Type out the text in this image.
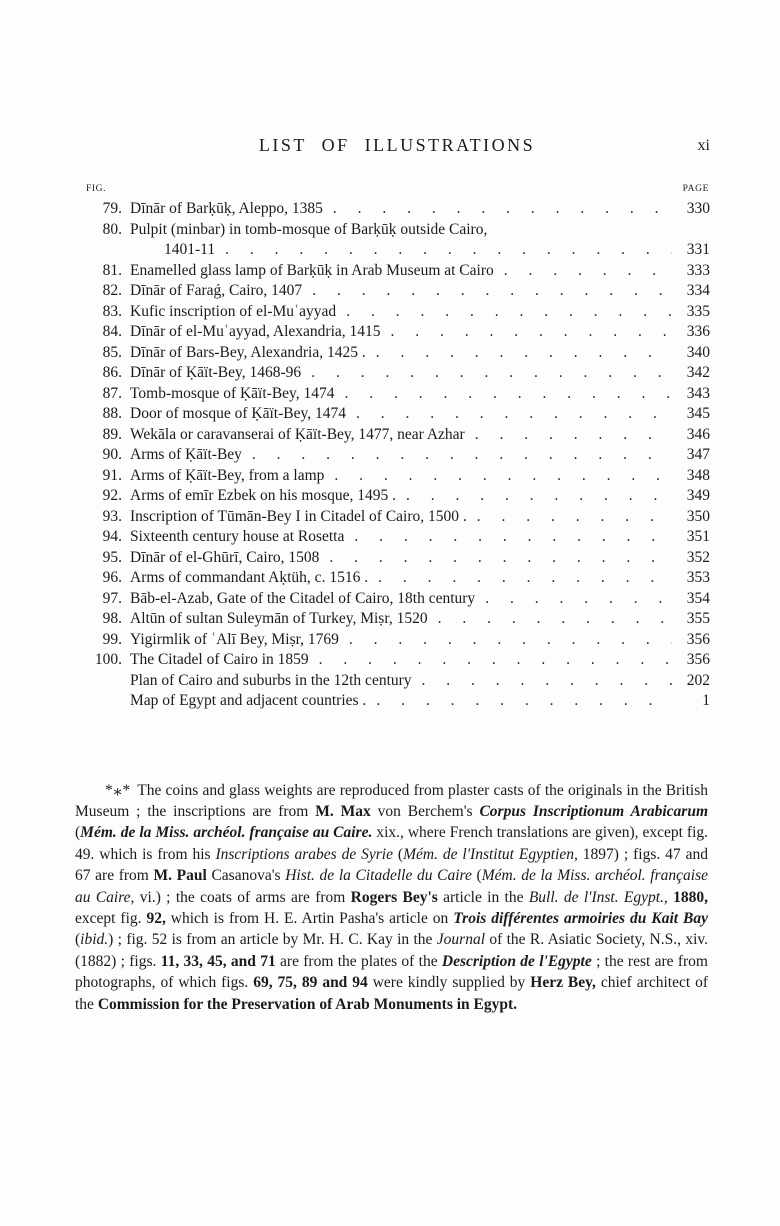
LIST OF ILLUSTRATIONS	xi
FIG.	PAGE
79. Dīnār of Barḳūḳ, Aleppo, 1385 . . .	330
80. Pulpit (minbar) in tomb-mosque of Barḳūḳ outside Cairo,
1401-11 . . .	331
81. Enamelled glass lamp of Barḳūḳ in Arab Museum at Cairo . . .	333
82. Dīnār of Faraǵ, Cairo, 1407 . . .	334
83. Kufic inscription of el-Muʿayyad . . .	335
84. Dīnār of el-Muʿayyad, Alexandria, 1415 . . .	336
85. Dīnār of Bars-Bey, Alexandria, 1425 . . . .	340
86. Dīnār of Ḳāït-Bey, 1468-96 . . .	342
87. Tomb-mosque of Ḳāït-Bey, 1474 . . .	343
88. Door of mosque of Ḳāït-Bey, 1474 . . .	345
89. Wekāla or caravanserai of Ḳāït-Bey, 1477, near Azhar . . .	346
90. Arms of Ḳāït-Bey . . .	347
91. Arms of Ḳāït-Bey, from a lamp . . .	348
92. Arms of emīr Ezbek on his mosque, 1495 . . . .	349
93. Inscription of Tūmān-Bey I in Citadel of Cairo, 1500 . . . .	350
94. Sixteenth century house at Rosetta . . .	351
95. Dīnār of el-Ghūrī, Cairo, 1508 . . .	352
96. Arms of commandant Aḳtüh, c. 1516 . . . .	353
97. Bāb-el-Azab, Gate of the Citadel of Cairo, 18th century . . .	354
98. Altūn of sultan Suleymān of Turkey, Miṣr, 1520 . . .	355
99. Yigirmlik of ʿAlī Bey, Miṣr, 1769 . . .	356
100. The Citadel of Cairo in 1859 . . .	356
Plan of Cairo and suburbs in the 12th century . . .	202
Map of Egypt and adjacent countries . . . .	1

*⁎* The coins and glass weights are reproduced from plaster casts of the originals in the British Museum ; the inscriptions are from M. Max von Berchem's Corpus Inscriptionum Arabicarum (Mém. de la Miss. archéol. française au Caire. xix., where French translations are given), except fig. 49. which is from his Inscriptions arabes de Syrie (Mém. de l'Institut Egyptien, 1897) ; figs. 47 and 67 are from M. Paul Casanova's Hist. de la Citadelle du Caire (Mém. de la Miss. archéol. française au Caire, vi.) ; the coats of arms are from Rogers Bey's article in the Bull. de l'Inst. Egypt., 1880, except fig. 92, which is from H. E. Artin Pasha's article on Trois différentes armoiries du Kait Bay (ibid.) ; fig. 52 is from an article by Mr. H. C. Kay in the Journal of the R. Asiatic Society, N.S., xiv. (1882) ; figs. 11, 33, 45, and 71 are from the plates of the Description de l'Egypte ; the rest are from photographs, of which figs. 69, 75, 89 and 94 were kindly supplied by Herz Bey, chief architect of the Commission for the Preservation of Arab Monuments in Egypt.
